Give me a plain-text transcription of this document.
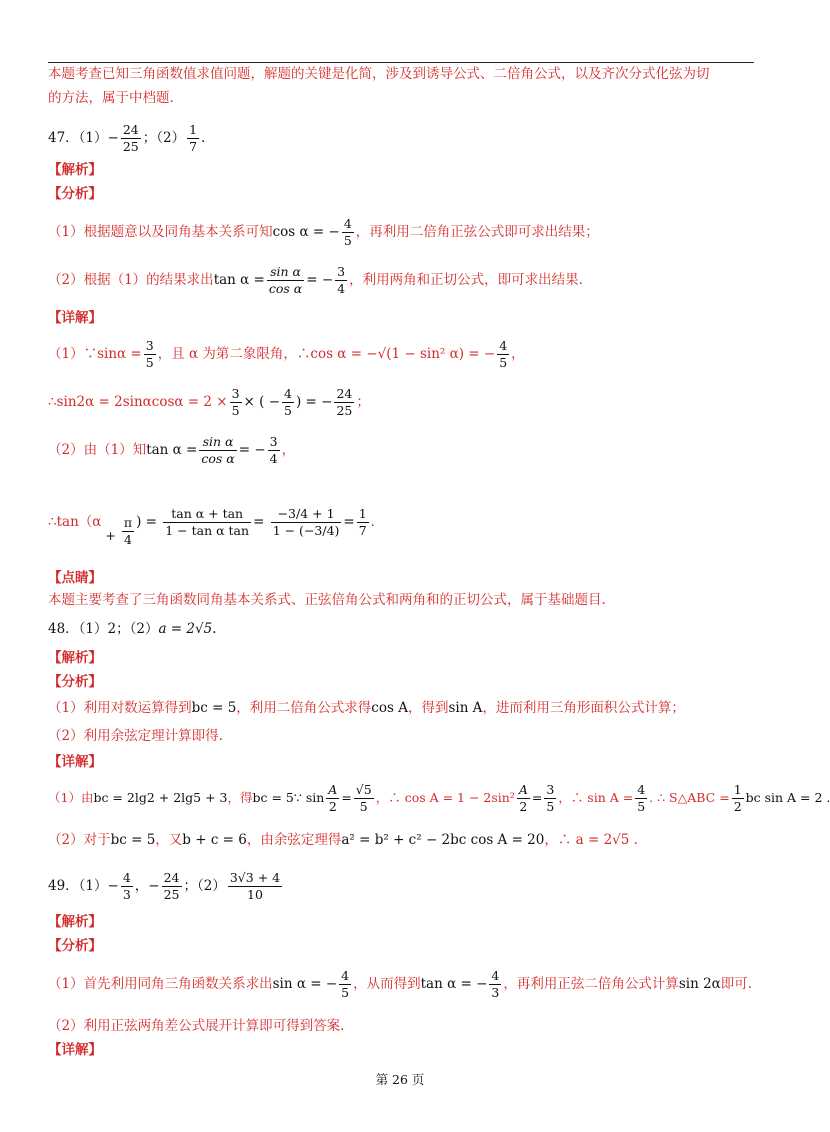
本题考查已知三角函数值求值问题，解题的关键是化简，涉及到诱导公式、二倍角公式，以及齐次分式化弦为切
的方法，属于中档题.
47．$(1)- \frac{24}{25}$ ；$(2) \frac{1}{7}$ .
【解析】
【分析】
（1）根据题意以及同角基本关系可知cos α = − $\frac{4}{5}$ ，再利用二倍角正弦公式即可求出结果；
（2）根据（1）的结果求出$\tan \alpha = \frac{\text{sin α}}{\text{cos α}}$ = − $\frac{3}{4}$ ，利用两角和正切公式，即可求出结果.
【详解】
（1）∵sinα = $\frac{3}{5}$ ，且 α 为第二象限角，∴cos α = −√(1 − sin² α) = − $\frac{4}{5}$ ，
∴sin2α = $2\sin\alpha\cos\alpha = 2 \times \frac{3}{5}$ × ( − $\frac{4}{5}$ ) = − $\frac{24}{25}$ ；
（2）由（1）知$\tan \alpha = \frac{\text{sin α}}{\text{cos α}}$ = − $\frac{3}{4}$ ，
∴tan（α
+ $\frac{\pi}{4}$ ) = $\frac{\text{tan α + tan}}{\text{1 − tan α tan}} = \frac{-3/4 + 1}{1 - (-3/4)} = \frac{1}{7}$ .
【点睛】
本题主要考查了三角函数同角基本关系式、正弦倍角公式和两角和的正切公式，属于基础题目.
48．（1）2；（2）a = 2√5.
【解析】
【分析】
（1）利用对数运算得到bc = 5，利用二倍角公式求得cos A，得到sin A，进而利用三角形面积公式计算；
（2）利用余弦定理计算即得.
【详解】
（1）由bc = 2lg2 + 2lg5 + 3，得bc = 5∵ $\sin \frac{A}{2} = \frac{√5}{5}$ ，∴ $\cos A = 1 - 2\sin^2 \frac{A}{2} = \frac{3}{5}$ ，∴ $\sin A = \frac{4}{5}$ . ∴ S△ABC = $\frac{1}{2}$ bc sin A = 2 .
（2）对于bc = 5，又b + c = 6，由余弦定理得a² = b² + c² − 2bc cos A = 20，∴ a = 2√5 .
49．$(1)- \frac{4}{3}$ ，− $\frac{24}{25}$ ；$(2) \frac{3√3 + 4}{10}$
【解析】
【分析】
（1）首先利用同角三角函数关系求出sin α = − $\frac{4}{5}$ ，从而得到tan α = − $\frac{4}{3}$ ，再利用正弦二倍角公式计算sin 2α即可.
（2）利用正弦两角差公式展开计算即可得到答案.
【详解】
第 26 页
